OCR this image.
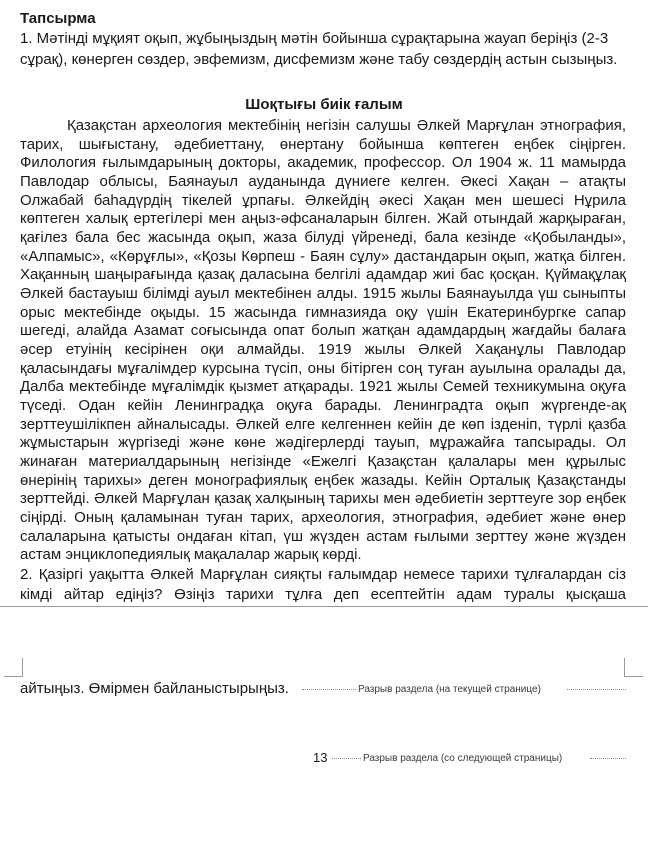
Тапсырма

1. Мәтінді мұқият оқып, жұбыңыздың мәтін бойынша сұрақтарына жауап беріңіз (2-3 сұрақ), көнерген сөздер, эвфемизм, дисфемизм және табу сөздердің астын сызыңыз.

Шоқтығы биік ғалым

Қазақстан археология мектебінің негізін салушы Әлкей Марғұлан этнография, тарих, шығыстану, әдебиеттану, өнертану бойынша көптеген еңбек сіңірген. Филология ғылымдарының докторы, академик, профессор. Ол 1904 ж. 11 мамырда Павлодар облысы, Баянауыл ауданында дүниеге келген. Әкесі Хақан – атақты Олжабай баһадүрдің тікелей ұрпағы. Әлкейдің әкесі Хақан мен шешесі Нұрила көптеген халық ертегілері мен аңыз-әфсаналарын білген. Жай отындай жарқыраған, қағілез бала бес жасында оқып, жаза білуді үйренеді, бала кезінде «Қобыланды», «Алпамыс», «Көрұғлы», «Қозы Көрпеш - Баян сұлу» дастандарын оқып, жатқа білген. Хақанның шаңырағында қазақ даласына белгілі адамдар жиі бас қосқан. Қүймақұлақ Әлкей бастауыш білімді ауыл мектебінен алды. 1915 жылы Баянауылда үш сыныпты орыс мектебінде оқыды. 15 жасында гимназияда оқу үшін Екатеринбургке сапар шегеді, алайда Азамат соғысында опат болып жатқан адамдардың жағдайы балаға әсер етуінің кесірінен оқи алмайды. 1919 жылы Әлкей Хақанұлы Павлодар қаласындағы мұғалімдер курсына түсіп, оны бітірген соң туған ауылына оралады да, Далба мектебінде мұғалімдік қызмет атқарады. 1921 жылы Семей техникумына оқуға түседі. Одан кейін Ленинградқа оқуға барады. Ленинградта оқып жүргенде-ақ зерттеушілікпен айналысады. Әлкей елге келгеннен кейін де көп ізденіп, түрлі қазба жұмыстарын жүргізеді және көне жәдігерлерді тауып, мұражайға тапсырады. Ол жинаған материалдарының негізінде «Ежелгі Қазақстан қалалары мен құрылыс өнерінің тарихы» деген монографиялық еңбек жазады. Кейін Орталық Қазақстанды зерттейді. Әлкей Марғұлан қазақ халқының тарихы мен әдебиетін зерттеуге зор еңбек сіңірді. Оның қаламынан туған тарих, археология, этнография, әдебиет және өнер салаларына қатысты ондаған кітап, үш жүзден астам ғылыми зерттеу және жүзден астам энциклопедиялық мақалалар жарық көрді.

2. Қазіргі уақытта Әлкей Марғұлан сияқты ғалымдар немесе тарихи тұлғалардан сіз кімді айтар едіңіз? Өзіңіз тарихи тұлға деп есептейтін адам туралы қысқаша

айтыңыз. Өмірмен байланыстырыңыз.	Разрыв раздела (на текущей странице)
13	Разрыв раздела (со следующей страницы)
